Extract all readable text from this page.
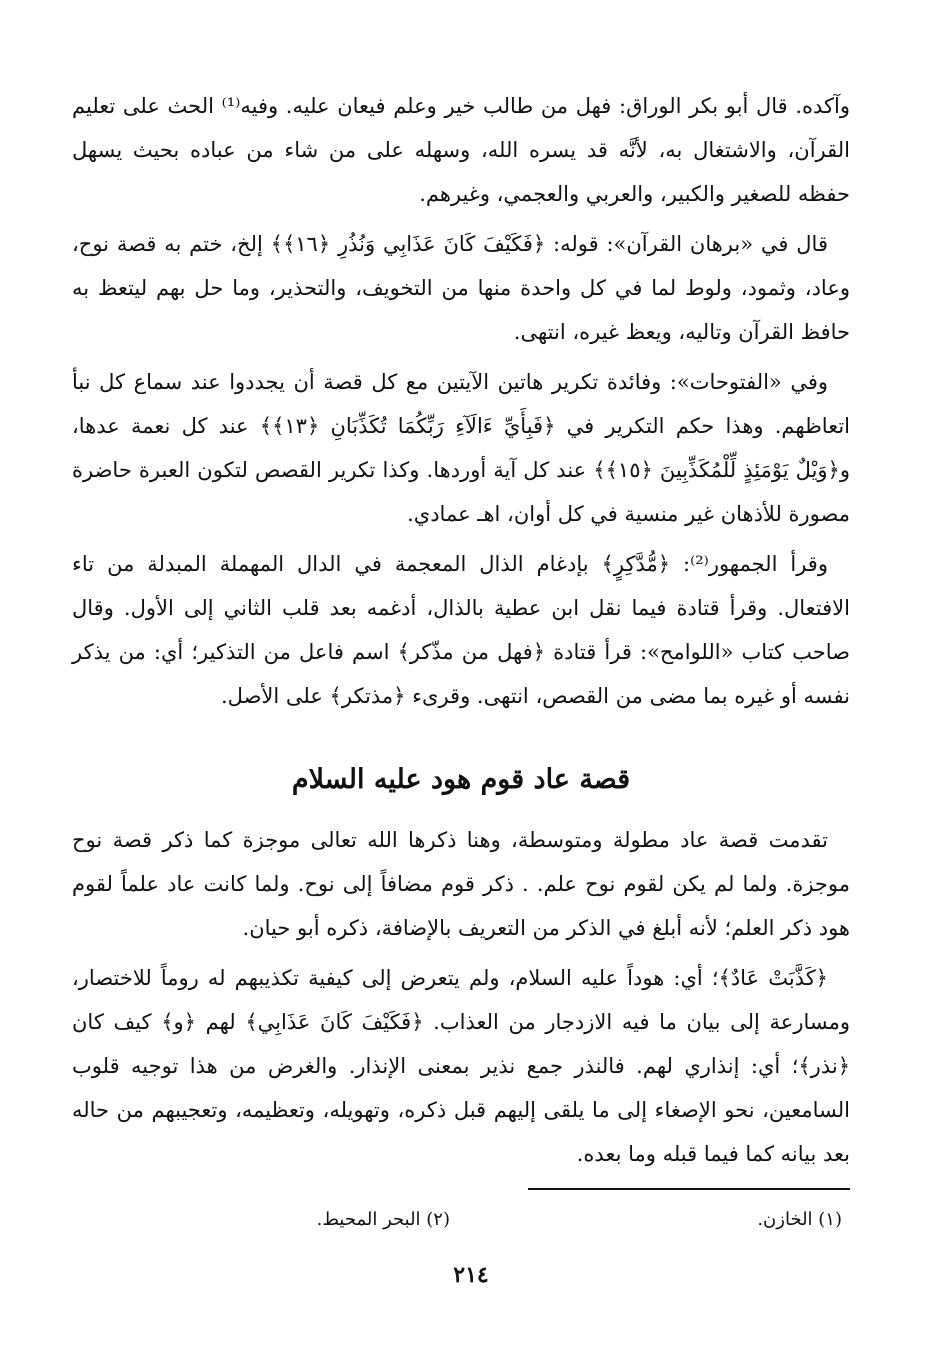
وآكده. قال أبو بكر الوراق: فهل من طالب خير وعلم فيعان عليه. وفيه⁽¹⁾ الحث على تعليم القرآن، والاشتغال به، لأنَّه قد يسره الله، وسهله على من شاء من عباده بحيث يسهل حفظه للصغير والكبير، والعربي والعجمي، وغيرهم.

قال في «برهان القرآن»: قوله: ﴿فَكَيْفَ كَانَ عَذَابِي وَنُذُرِ ﴿١٦﴾﴾ إلخ، ختم به قصة نوح، وعاد، وثمود، ولوط لما في كل واحدة منها من التخويف، والتحذير، وما حل بهم ليتعظ به حافظ القرآن وتاليه، ويعظ غيره، انتهى.

وفي «الفتوحات»: وفائدة تكرير هاتين الآيتين مع كل قصة أن يجددوا عند سماع كل نبأ اتعاظهم. وهذا حكم التكرير في ﴿فَبِأَيِّ ءَالَآءِ رَبِّكُمَا تُكَذِّبَانِ ﴿١٣﴾﴾ عند كل نعمة عدها، و﴿وَيْلٌ يَوْمَئِذٍ لِّلْمُكَذِّبِينَ ﴿١٥﴾﴾ عند كل آية أوردها. وكذا تكرير القصص لتكون العبرة حاضرة مصورة للأذهان غير منسية في كل أوان، اهـ عمادي.

وقرأ الجمهور⁽²⁾: ﴿مُّدَّكِرٍ﴾ بإدغام الذال المعجمة في الدال المهملة المبدلة من تاء الافتعال. وقرأ قتادة فيما نقل ابن عطية بالذال، أدغمه بعد قلب الثاني إلى الأول. وقال صاحب كتاب «اللوامح»: قرأ قتادة ﴿فهل من مذّكر﴾ اسم فاعل من التذكير؛ أي: من يذكر نفسه أو غيره بما مضى من القصص، انتهى. وقرىء ﴿مذتكر﴾ على الأصل.

قصة عاد قوم هود عليه السلام

تقدمت قصة عاد مطولة ومتوسطة، وهنا ذكرها الله تعالى موجزة كما ذكر قصة نوح موجزة. ولما لم يكن لقوم نوح علم. . ذكر قوم مضافاً إلى نوح. ولما كانت عاد علماً لقوم هود ذكر العلم؛ لأنه أبلغ في الذكر من التعريف بالإضافة، ذكره أبو حيان.

﴿كَذَّبَتْ عَادٌ﴾؛ أي: هوداً عليه السلام، ولم يتعرض إلى كيفية تكذيبهم له روماً للاختصار، ومسارعة إلى بيان ما فيه الازدجار من العذاب. ﴿فَكَيْفَ كَانَ عَذَابِي﴾ لهم ﴿و﴾ كيف كان ﴿نذر﴾؛ أي: إنذاري لهم. فالنذر جمع نذير بمعنى الإنذار. والغرض من هذا توجيه قلوب السامعين، نحو الإصغاء إلى ما يلقى إليهم قبل ذكره، وتهويله، وتعظيمه، وتعجيبهم من حاله بعد بيانه كما فيما قبله وما بعده.

(١) الخازن.
(٢) البحر المحيط.
٢١٤
